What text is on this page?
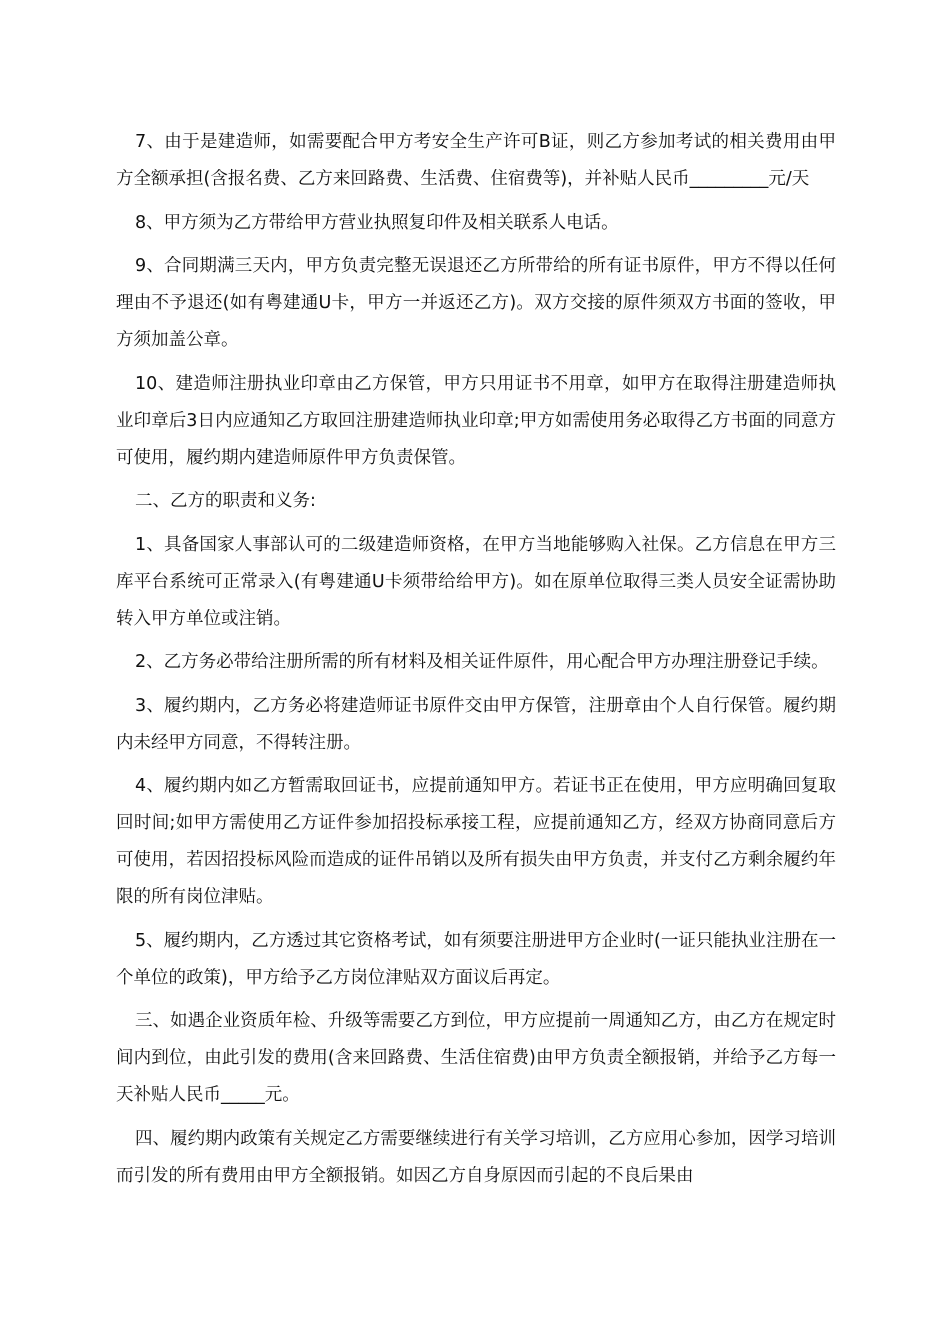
7、由于是建造师，如需要配合甲方考安全生产许可B证，则乙方参加考试的相关费用由甲方全额承担(含报名费、乙方来回路费、生活费、住宿费等)，并补贴人民币_________元/天

8、甲方须为乙方带给甲方营业执照复印件及相关联系人电话。

9、合同期满三天内，甲方负责完整无误退还乙方所带给的所有证书原件，甲方不得以任何理由不予退还(如有粤建通U卡，甲方一并返还乙方)。双方交接的原件须双方书面的签收，甲方须加盖公章。

10、建造师注册执业印章由乙方保管，甲方只用证书不用章，如甲方在取得注册建造师执业印章后3日内应通知乙方取回注册建造师执业印章;甲方如需使用务必取得乙方书面的同意方可使用，履约期内建造师原件甲方负责保管。

二、乙方的职责和义务:

1、具备国家人事部认可的二级建造师资格，在甲方当地能够购入社保。乙方信息在甲方三库平台系统可正常录入(有粤建通U卡须带给给甲方)。如在原单位取得三类人员安全证需协助转入甲方单位或注销。

2、乙方务必带给注册所需的所有材料及相关证件原件，用心配合甲方办理注册登记手续。

3、履约期内，乙方务必将建造师证书原件交由甲方保管，注册章由个人自行保管。履约期内未经甲方同意，不得转注册。

4、履约期内如乙方暂需取回证书，应提前通知甲方。若证书正在使用，甲方应明确回复取回时间;如甲方需使用乙方证件参加招投标承接工程，应提前通知乙方，经双方协商同意后方可使用，若因招投标风险而造成的证件吊销以及所有损失由甲方负责，并支付乙方剩余履约年限的所有岗位津贴。

5、履约期内，乙方透过其它资格考试，如有须要注册进甲方企业时(一证只能执业注册在一个单位的政策)，甲方给予乙方岗位津贴双方面议后再定。

三、如遇企业资质年检、升级等需要乙方到位，甲方应提前一周通知乙方，由乙方在规定时间内到位，由此引发的费用(含来回路费、生活住宿费)由甲方负责全额报销，并给予乙方每一天补贴人民币_____元。

四、履约期内政策有关规定乙方需要继续进行有关学习培训，乙方应用心参加，因学习培训而引发的所有费用由甲方全额报销。如因乙方自身原因而引起的不良后果由
